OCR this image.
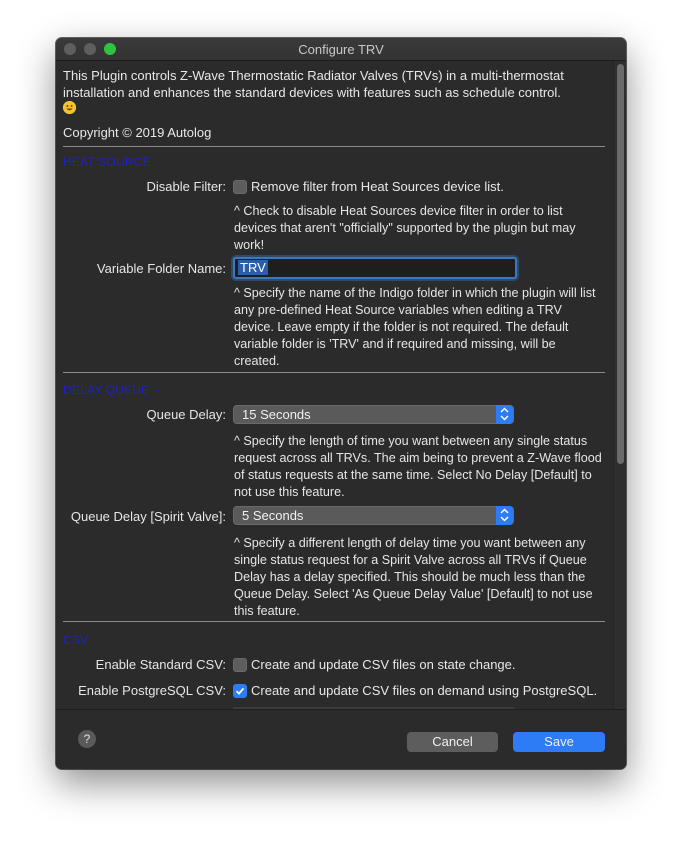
Configure TRV
This Plugin controls Z-Wave Thermostatic Radiator Valves (TRVs) in a multi-thermostat installation and enhances the standard devices with features such as schedule control.

Copyright © 2019 Autolog
HEAT SOURCE
Disable Filter: Remove filter from Heat Sources device list.
^ Check to disable Heat Sources device filter in order to list devices that aren't "officially" supported by the plugin but may work!
Variable Folder Name: TRV
^ Specify the name of the Indigo folder in which the plugin will list any pre-defined Heat Source variables when editing a TRV device. Leave empty if the folder is not required. The default variable folder is 'TRV' and if required and missing, will be created.
DELAY QUEUE
Queue Delay: 15 Seconds
^ Specify the length of time you want between any single status request across all TRVs. The aim being to prevent a Z-Wave flood of status requests at the same time. Select No Delay [Default] to not use this feature.
Queue Delay [Spirit Valve]: 5 Seconds
^ Specify a different length of delay time you want between any single status request for a Spirit Valve across all TRVs if Queue Delay has a delay specified. This should be much less than the Queue Delay. Select 'As Queue Delay Value' [Default] to not use this feature.
CSV
Enable Standard CSV: Create and update CSV files on state change.
Enable PostgreSQL CSV: Create and update CSV files on demand using PostgreSQL.
?	Cancel	Save
